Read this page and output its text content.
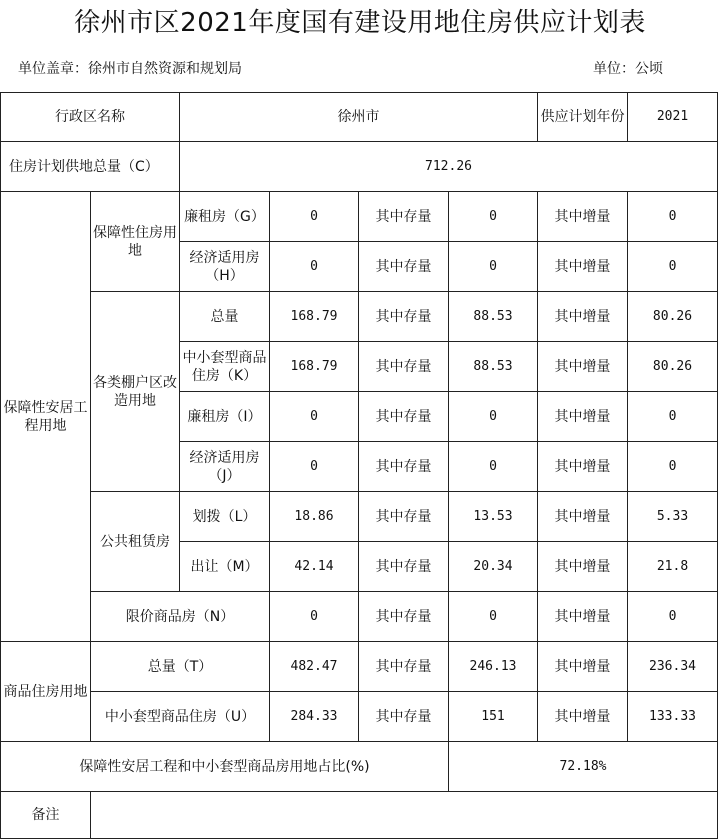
徐州市区2021年度国有建设用地住房供应计划表
单位盖章：徐州市自然资源和规划局	单位：公顷
行政区名称		徐州市				供应计划年份	2021
住房计划供地总量（C）		712.26					
保障性安居工程用地	保障性住房用地	廉租房（G）	0	其中存量	0	其中增量	0
		经济适用房（H）	0	其中存量	0	其中增量	0
	各类棚户区改造用地	总量	168.79	其中存量	88.53	其中增量	80.26
		中小套型商品住房（K）	168.79	其中存量	88.53	其中增量	80.26
		廉租房（I）	0	其中存量	0	其中增量	0
		经济适用房（J）	0	其中存量	0	其中增量	0
	公共租赁房	划拨（L）	18.86	其中存量	13.53	其中增量	5.33
		出让（M）	42.14	其中存量	20.34	其中增量	21.8
	限价商品房（N）		0	其中存量	0	其中增量	0
商品住房用地	总量（T）		482.47	其中存量	246.13	其中增量	236.34
	中小套型商品住房（U）		284.33	其中存量	151	其中增量	133.33
保障性安居工程和中小套型商品房用地占比(%)					72.18%		
备注							
